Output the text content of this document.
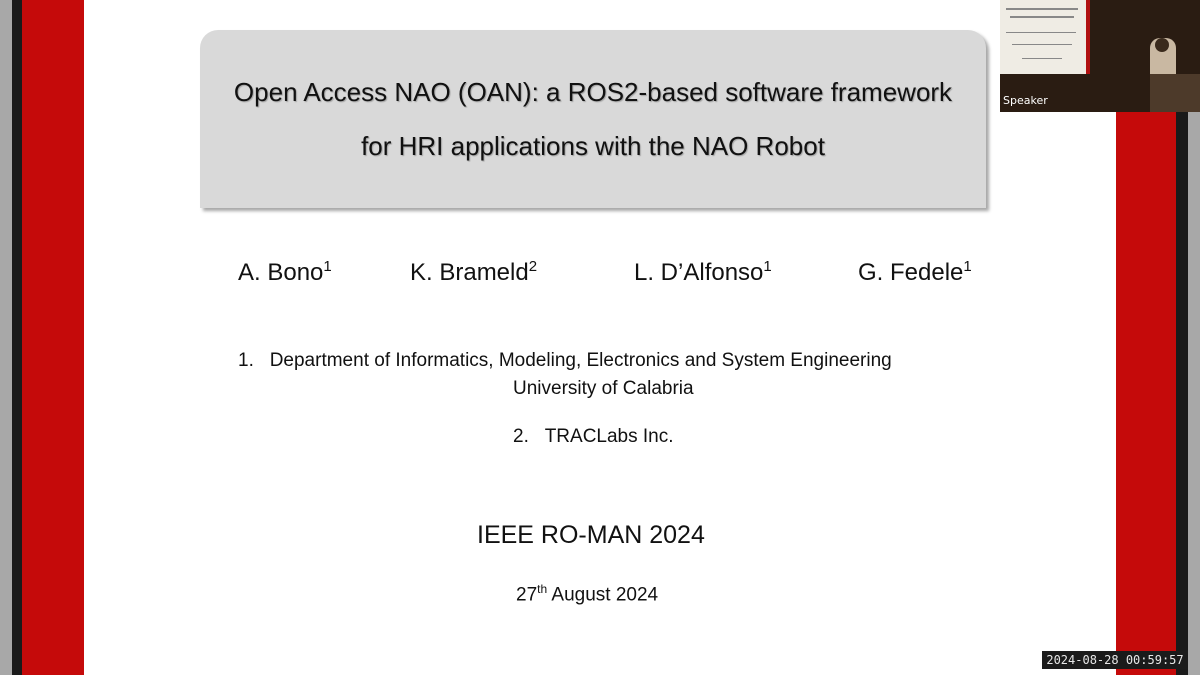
Open Access NAO (OAN): a ROS2-based software framework
for HRI applications with the NAO Robot
A. Bono$^1$	K. Brameld$^2$	L. D’Alfonso$^1$	G. Fedele$^1$
1. Department of Informatics, Modeling, Electronics and System Engineering
University of Calabria
2. TRACLabs Inc.
IEEE RO-MAN 2024
27th August 2024
Speaker
2024-08-28 00:59:57
